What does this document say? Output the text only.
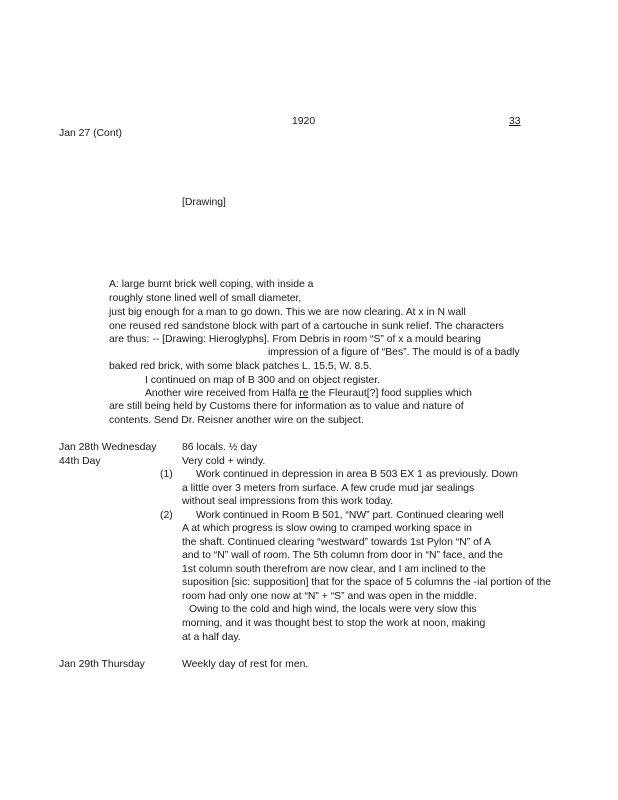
1920	33
Jan 27 (Cont)
[Drawing]
A: large burnt brick well coping, with inside a
roughly stone lined well of small diameter,
just big enough for a man to go down. This we are now clearing. At x in N wall
one reused red sandstone block with part of a cartouche in sunk relief. The characters
are thus: -- [Drawing: Hieroglyphs]. From Debris in room “S” of x a mould bearing
impression of a figure of “Bes”. The mould is of a badly
baked red brick, with some black patches L. 15.5, W. 8.5.
I continued on map of B 300 and on object register.
Another wire received from Halfa re the Fleuraut[?] food supplies which
are still being held by Customs there for information as to value and nature of
contents. Send Dr. Reisner another wire on the subject.
Jan 28th Wednesday 86 locals. ½ day
44th Day	Very cold + windy.
(1) Work continued in depression in area B 503 EX 1 as previously. Down
a little over 3 meters from surface. A few crude mud jar sealings
without seal impressions from this work today.
(2) Work continued in Room B 501, “NW” part. Continued clearing well
A at which progress is slow owing to cramped working space in
the shaft. Continued clearing “westward” towards 1st Pylon “N” of A
and to “N” wall of room. The 5th column from door in “N” face, and the
1st column south therefrom are now clear, and I am inclined to the
suposition [sic: supposition] that for the space of 5 columns the -ial portion of the
room had only one now at “N” + “S” and was open in the middle.
Owing to the cold and high wind, the locals were very slow this
morning, and it was thought best to stop the work at noon, making
at a half day.
Jan 29th Thursday	Weekly day of rest for men.
